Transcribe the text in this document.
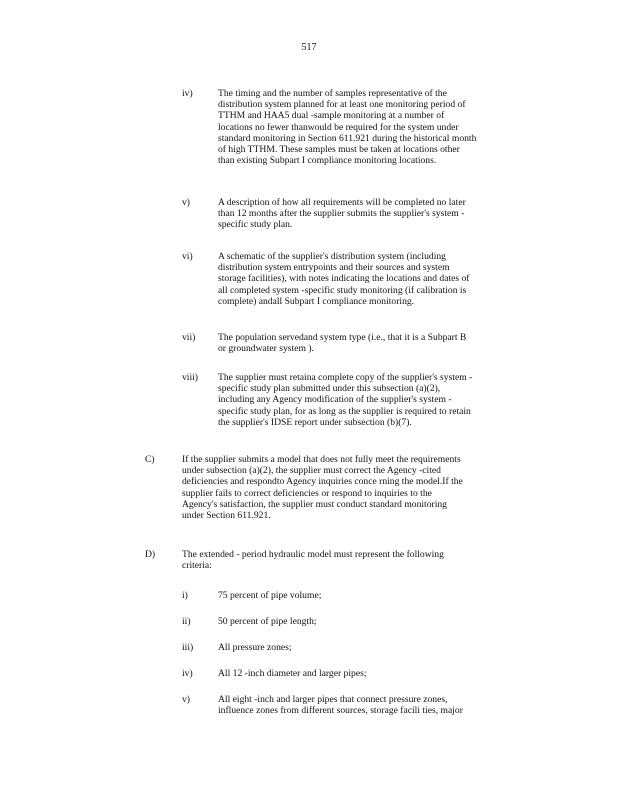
517
iv)	The timing and the number of samples representative of the
distribution system planned for at least one monitoring period of
TTHM and HAA5 dual -sample monitoring at a number of
locations no fewer thanwould be required for the system under
standard monitoring in Section 611.921 during the historical month
of high TTHM. These samples must be taken at locations other
than existing Subpart I compliance monitoring locations.
v)	A description of how all requirements will be completed no later
than 12 months after the supplier submits the supplier's system -
specific study plan.
vi)	A schematic of the supplier's distribution system (including
distribution system entrypoints and their sources and system
storage facilities), with notes indicating the locations and dates of
all completed system -specific study monitoring (if calibration is
complete) andall Subpart I compliance monitoring.
vii) The population servedand system type (i.e., that it is a Subpart B
or groundwater system ).
viii) The supplier must retaina complete copy of the supplier's system -
specific study plan submitted under this subsection (a)(2),
including any Agency modification of the supplier's system -
specific study plan, for as long as the supplier is required to retain
the supplier's IDSE report under subsection (b)(7).
C)	If the supplier submits a model that does not fully meet the requirements
under subsection (a)(2), the supplier must correct the Agency -cited
deficiencies and respondto Agency inquiries conce rning the model.If the
supplier fails to correct deficiencies or respond to inquiries to the
Agency's satisfaction, the supplier must conduct standard monitoring
under Section 611.921.
D)	The extended - period hydraulic model must represent the following
criteria:
i)	75 percent of pipe volume;
ii)	50 percent of pipe length;
iii)	All pressure zones;
iv)	All 12 -inch diameter and larger pipes;
v)	All eight -inch and larger pipes that connect pressure zones,
influence zones from different sources, storage facili ties, major
